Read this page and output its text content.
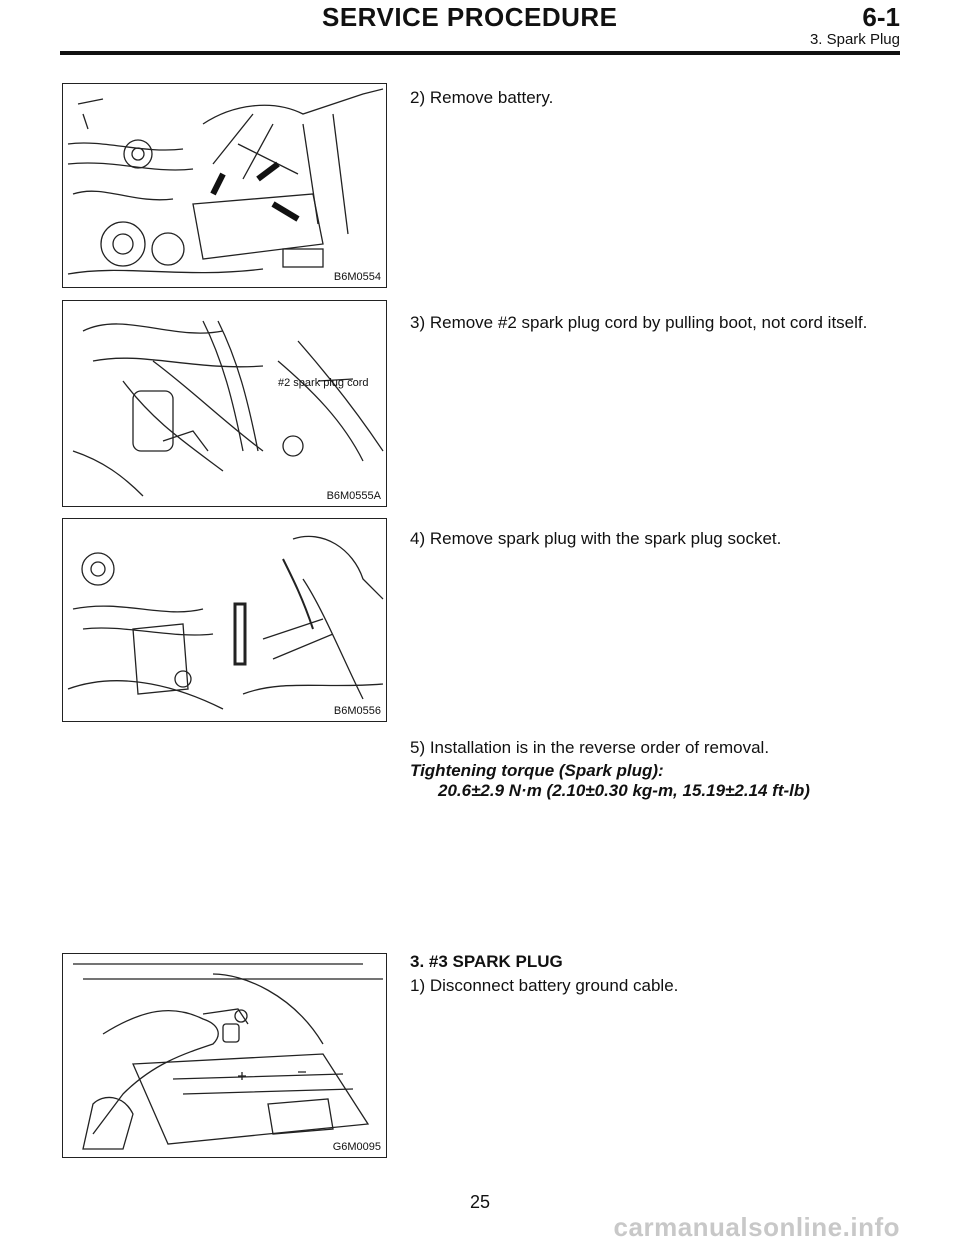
SERVICE PROCEDURE	6-1
3. Spark Plug
B6M0554
#2 spark plug cord
B6M0555A
B6M0556
G6M0095
2) Remove battery.
3) Remove #2 spark plug cord by pulling boot, not cord itself.
4) Remove spark plug with the spark plug socket.
5) Installation is in the reverse order of removal.
Tightening torque (Spark plug):
20.6±2.9 N·m (2.10±0.30 kg-m, 15.19±2.14 ft-lb)
3. #3 SPARK PLUG
1) Disconnect battery ground cable.
25
carmanualsonline.info
